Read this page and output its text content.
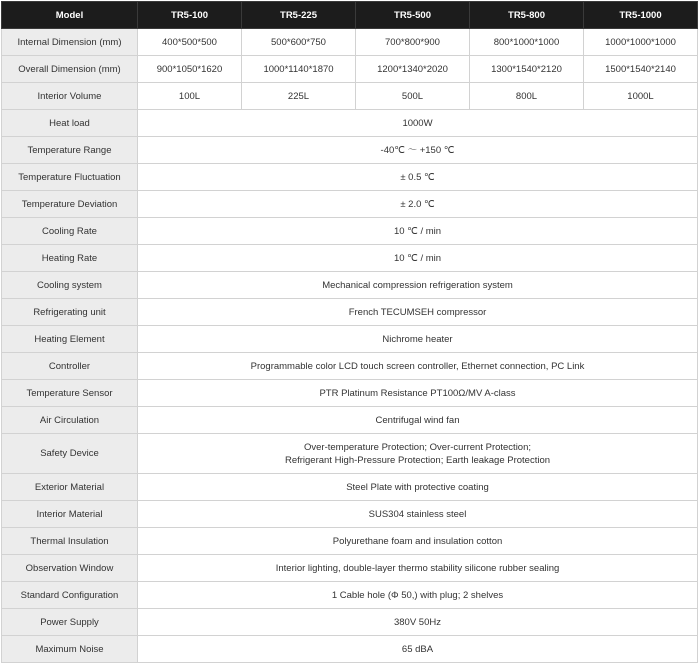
Model	TR5-100	TR5-225	TR5-500	TR5-800	TR5-1000
Internal Dimension (mm)	400*500*500	500*600*750	700*800*900	800*1000*1000	1000*1000*1000
Overall Dimension (mm)	900*1050*1620	1000*1140*1870	1200*1340*2020	1300*1540*2120	1500*1540*2140
Interior Volume	100L	225L	500L	800L	1000L
Heat load	1000W				
Temperature Range	-40℃ ～ +150 ℃				
Temperature Fluctuation	± 0.5 ℃				
Temperature Deviation	± 2.0 ℃				
Cooling Rate	10 ℃ / min				
Heating Rate	10 ℃ / min				
Cooling system	Mechanical compression refrigeration system				
Refrigerating unit	French TECUMSEH compressor				
Heating Element	Nichrome heater				
Controller	Programmable color LCD touch screen controller, Ethernet connection, PC Link				
Temperature Sensor	PTR Platinum Resistance PT100Ω/MV A-class				
Air Circulation	Centrifugal wind fan				
Safety Device	Over-temperature Protection; Over-current Protection;
Refrigerant High-Pressure Protection; Earth leakage Protection				

Exterior Material	Steel Plate with protective coating				
Interior Material	SUS304 stainless steel				
Thermal Insulation	Polyurethane foam and insulation cotton				
Observation Window	Interior lighting, double-layer thermo stability silicone rubber sealing				
Standard Configuration	1 Cable hole (Φ 50,) with plug; 2 shelves				
Power Supply	380V 50Hz				
Maximum Noise	65 dBA				
